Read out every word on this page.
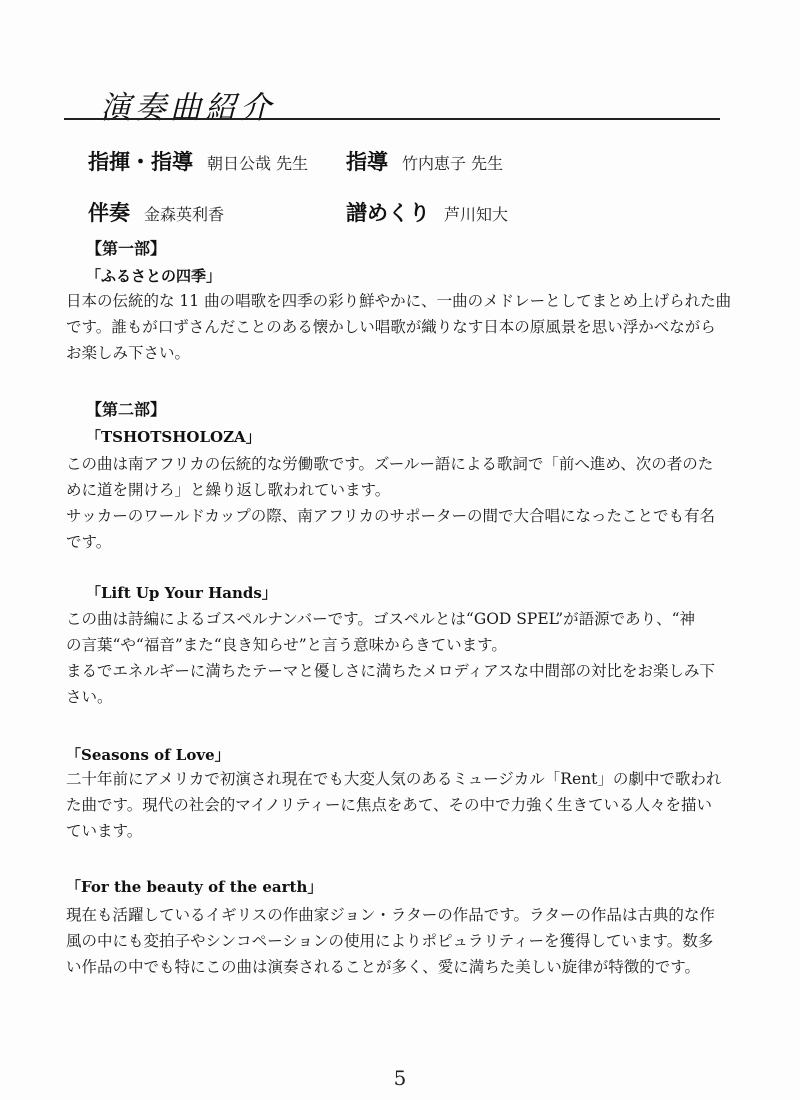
演奏曲紹介
指揮・指導 朝日公哉 先生 指導 竹内恵子 先生
伴奏 金森英利香	譜めくり 芦川知大
【第一部】
「ふるさとの四季」

日本の伝統的な 11 曲の唱歌を四季の彩り鮮やかに、一曲のメドレーとしてまとめ上げられた曲
です。誰もが口ずさんだことのある懐かしい唱歌が織りなす日本の原風景を思い浮かべながら
お楽しみ下さい。

【第二部】
「TSHOTSHOLOZA」

この曲は南アフリカの伝統的な労働歌です。ズールー語による歌詞で「前へ進め、次の者のた
めに道を開けろ」と繰り返し歌われています。
サッカーのワールドカップの際、南アフリカのサポーターの間で大合唱になったことでも有名
です。

「Lift Up Your Hands」

この曲は詩編によるゴスペルナンバーです。ゴスペルとは“GOD SPEL”が語源であり、“神
の言葉“や“福音”また“良き知らせ”と言う意味からきています。
まるでエネルギーに満ちたテーマと優しさに満ちたメロディアスな中間部の対比をお楽しみ下
さい。

「Seasons of Love」

二十年前にアメリカで初演され現在でも大変人気のあるミュージカル「Rent」の劇中で歌われ
た曲です。現代の社会的マイノリティーに焦点をあて、その中で力強く生きている人々を描い
ています。

「For the beauty of the earth」

現在も活躍しているイギリスの作曲家ジョン・ラターの作品です。ラターの作品は古典的な作
風の中にも変拍子やシンコペーションの使用によりポピュラリティーを獲得しています。数多
い作品の中でも特にこの曲は演奏されることが多く、愛に満ちた美しい旋律が特徴的です。

5
